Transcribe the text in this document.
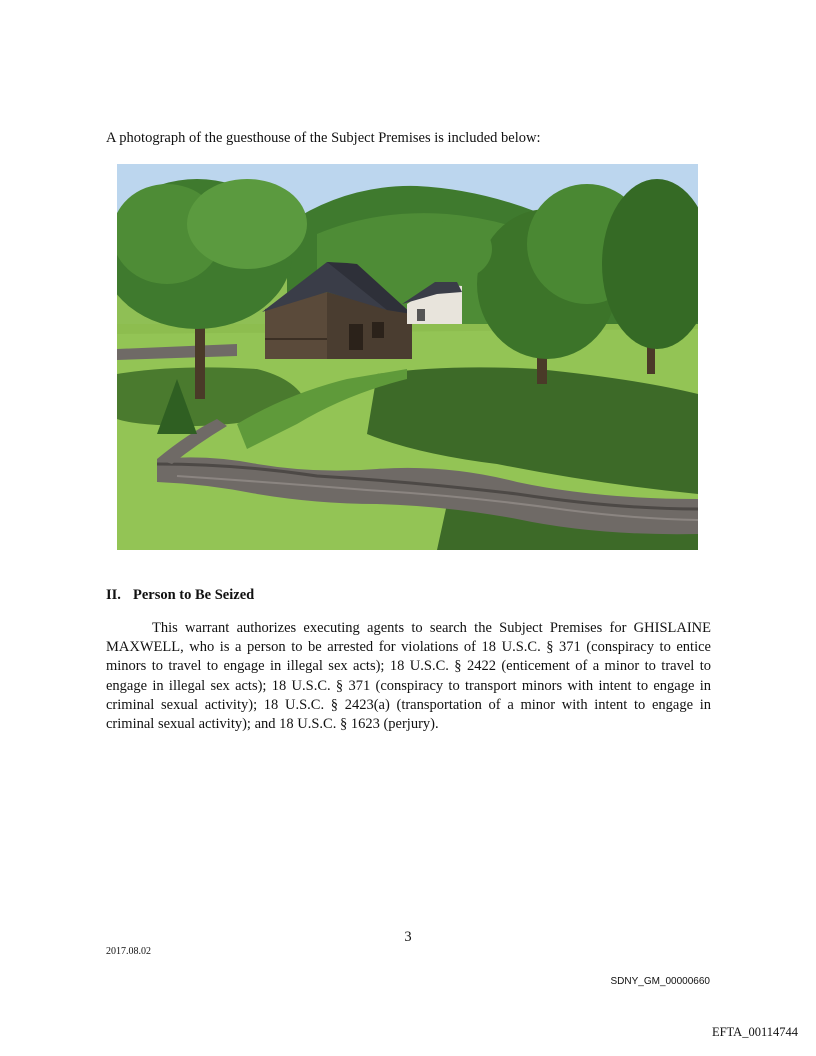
A photograph of the guesthouse of the Subject Premises is included below:
II. Person to Be Seized

This warrant authorizes executing agents to search the Subject Premises for GHISLAINE MAXWELL, who is a person to be arrested for violations of 18 U.S.C. § 371 (conspiracy to entice minors to travel to engage in illegal sex acts); 18 U.S.C. § 2422 (enticement of a minor to travel to engage in illegal sex acts); 18 U.S.C. § 371 (conspiracy to transport minors with intent to engage in criminal sexual activity); 18 U.S.C. § 2423(a) (transportation of a minor with intent to engage in criminal sexual activity); and 18 U.S.C. § 1623 (perjury).

3
2017.08.02
SDNY_GM_00000660
EFTA_00114744
